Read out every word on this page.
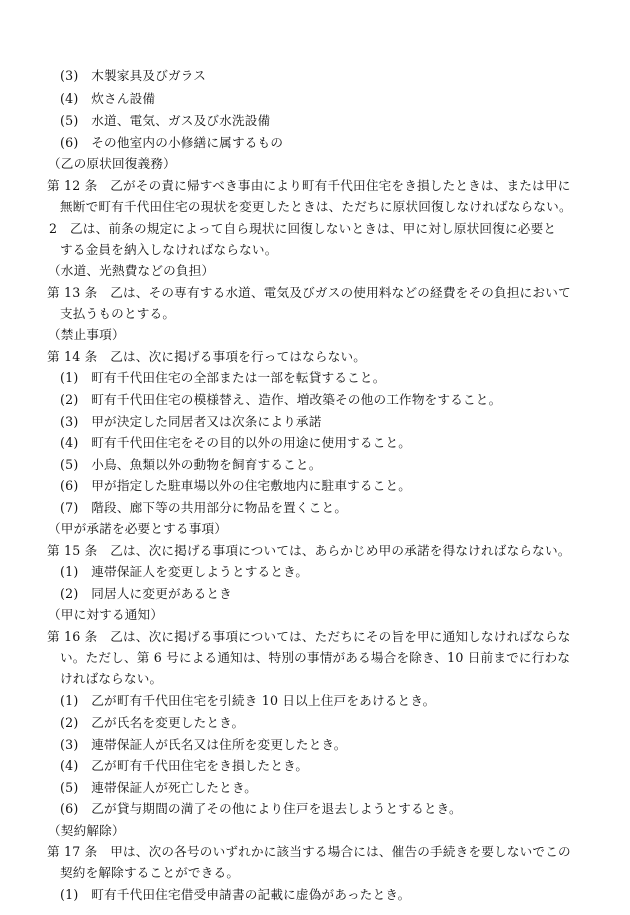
(3)　木製家具及びガラス
(4)　炊さん設備
(5)　水道、電気、ガス及び水洗設備
(6)　その他室内の小修繕に属するもの
（乙の原状回復義務）
第 12 条　乙がその責に帰すべき事由により町有千代田住宅をき損したときは、または甲に
無断で町有千代田住宅の現状を変更したときは、ただちに原状回復しなければならない。
2　乙は、前条の規定によって自ら現状に回復しないときは、甲に対し原状回復に必要と
する金員を納入しなければならない。
（水道、光熱費などの負担）
第 13 条　乙は、その専有する水道、電気及びガスの使用料などの経費をその負担において
支払うものとする。
（禁止事項）
第 14 条　乙は、次に掲げる事項を行ってはならない。
(1)　町有千代田住宅の全部または一部を転貸すること。
(2)　町有千代田住宅の模様替え、造作、増改築その他の工作物をすること。
(3)　甲が決定した同居者又は次条により承諾
(4)　町有千代田住宅をその目的以外の用途に使用すること。
(5)　小鳥、魚類以外の動物を飼育すること。
(6)　甲が指定した駐車場以外の住宅敷地内に駐車すること。
(7)　階段、廊下等の共用部分に物品を置くこと。
（甲が承諾を必要とする事項）
第 15 条　乙は、次に掲げる事項については、あらかじめ甲の承諾を得なければならない。
(1)　連帯保証人を変更しようとするとき。
(2)　同居人に変更があるとき
（甲に対する通知）
第 16 条　乙は、次に掲げる事項については、ただちにその旨を甲に通知しなければならな
い。ただし、第 6 号による通知は、特別の事情がある場合を除き、10 日前までに行わな
ければならない。
(1)　乙が町有千代田住宅を引続き 10 日以上住戸をあけるとき。
(2)　乙が氏名を変更したとき。
(3)　連帯保証人が氏名又は住所を変更したとき。
(4)　乙が町有千代田住宅をき損したとき。
(5)　連帯保証人が死亡したとき。
(6)　乙が貸与期間の満了その他により住戸を退去しようとするとき。
（契約解除）
第 17 条　甲は、次の各号のいずれかに該当する場合には、催告の手続きを要しないでこの
契約を解除することができる。
(1)　町有千代田住宅借受申請書の記載に虚偽があったとき。
